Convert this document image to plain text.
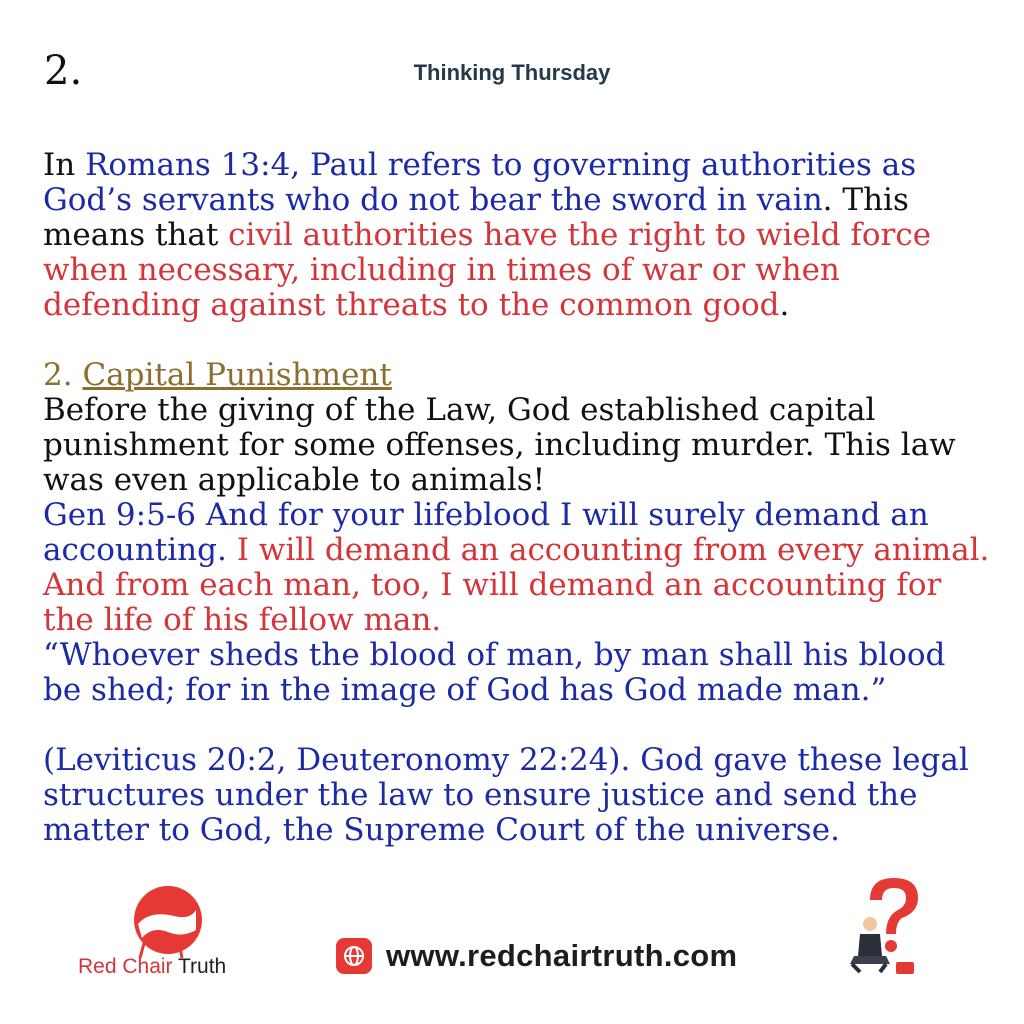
2.	Thinking Thursday

In Romans 13:4, Paul refers to governing authorities as God’s servants who do not bear the sword in vain. This means that civil authorities have the right to wield force when necessary, including in times of war or when defending against threats to the common good.

2. Capital Punishment

Before the giving of the Law, God established capital punishment for some offenses, including murder. This law was even applicable to animals!

Gen 9:5-6 And for your lifeblood I will surely demand an accounting. I will demand an accounting from every animal. And from each man, too, I will demand an accounting for the life of his fellow man.

“Whoever sheds the blood of man, by man shall his blood be shed; for in the image of God has God made man.”

(Leviticus 20:2, Deuteronomy 22:24). God gave these legal structures under the law to ensure justice and send the matter to God, the Supreme Court of the universe.

Red Chair Truth	www.redchairtruth.com
